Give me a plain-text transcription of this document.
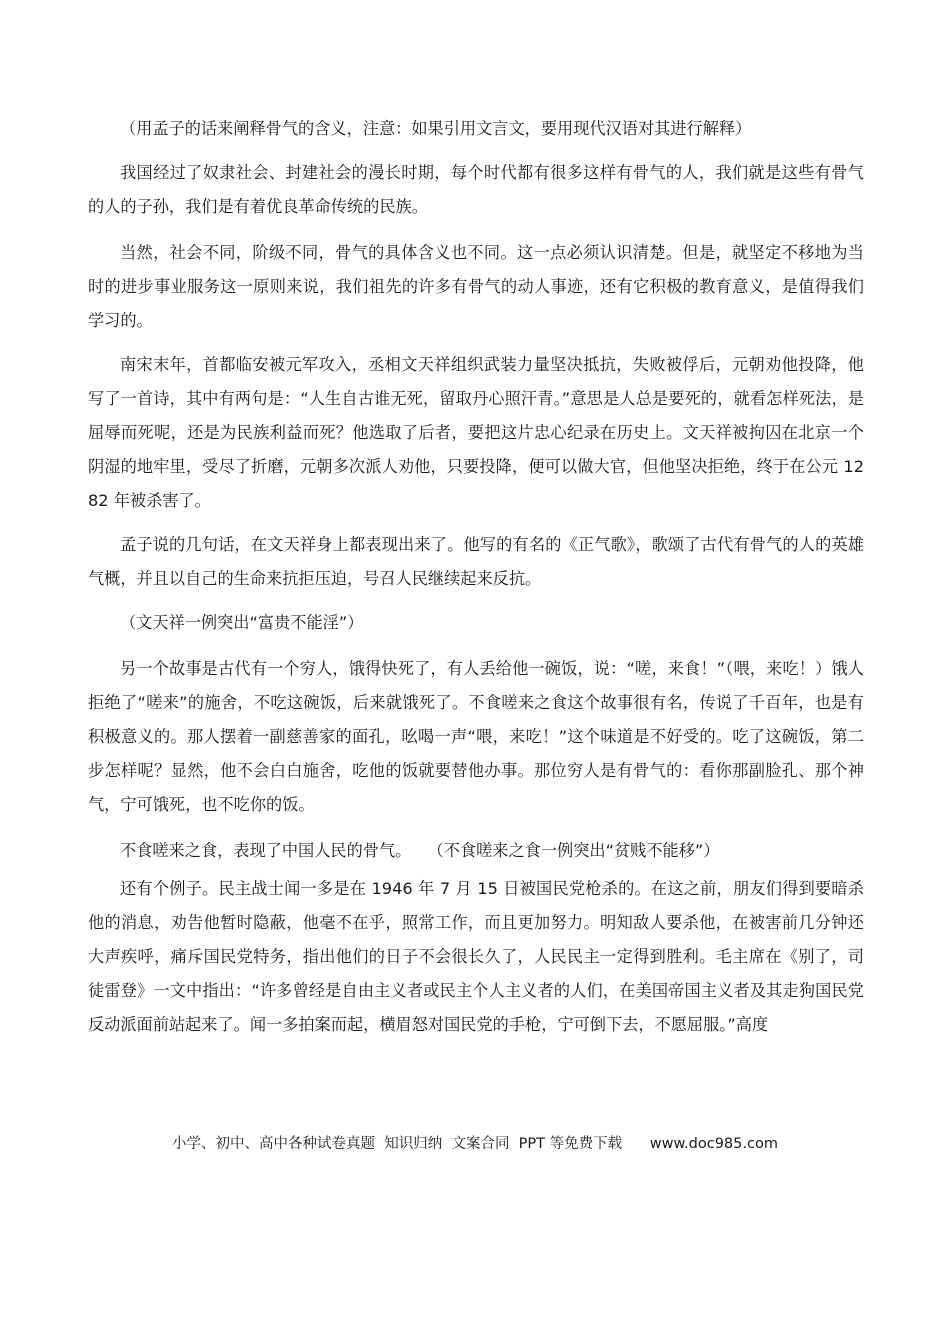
（用孟子的话来阐释骨气的含义，注意：如果引用文言文，要用现代汉语对其进行解释）

我国经过了奴隶社会、封建社会的漫长时期，每个时代都有很多这样有骨气的人，我们就是这些有骨气的人的子孙，我们是有着优良革命传统的民族。

当然，社会不同，阶级不同，骨气的具体含义也不同。这一点必须认识清楚。但是，就坚定不移地为当时的进步事业服务这一原则来说，我们祖先的许多有骨气的动人事迹，还有它积极的教育意义，是值得我们学习的。

南宋末年，首都临安被元军攻入，丞相文天祥组织武装力量坚决抵抗，失败被俘后，元朝劝他投降，他写了一首诗，其中有两句是：“人生自古谁无死，留取丹心照汗青。”意思是人总是要死的，就看怎样死法，是屈辱而死呢，还是为民族利益而死？他选取了后者，要把这片忠心纪录在历史上。文天祥被拘囚在北京一个阴湿的地牢里，受尽了折磨，元朝多次派人劝他，只要投降，便可以做大官，但他坚决拒绝，终于在公元 1282 年被杀害了。

孟子说的几句话，在文天祥身上都表现出来了。他写的有名的《正气歌》，歌颂了古代有骨气的人的英雄气概，并且以自己的生命来抗拒压迫，号召人民继续起来反抗。

（文天祥一例突出“富贵不能淫”）

另一个故事是古代有一个穷人，饿得快死了，有人丢给他一碗饭，说：“嗟，来食！”（喂，来吃！）饿人拒绝了“嗟来”的施舍，不吃这碗饭，后来就饿死了。不食嗟来之食这个故事很有名，传说了千百年，也是有积极意义的。那人摆着一副慈善家的面孔，吆喝一声“喂，来吃！”这个味道是不好受的。吃了这碗饭，第二步怎样呢？显然，他不会白白施舍，吃他的饭就要替他办事。那位穷人是有骨气的：看你那副脸孔、那个神气，宁可饿死，也不吃你的饭。

不食嗟来之食，表现了中国人民的骨气。　　（不食嗟来之食一例突出“贫贱不能移”）

还有个例子。民主战士闻一多是在 1946 年 7 月 15 日被国民党枪杀的。在这之前，朋友们得到要暗杀他的消息，劝告他暂时隐蔽，他毫不在乎，照常工作，而且更加努力。明知敌人要杀他，在被害前几分钟还大声疾呼，痛斥国民党特务，指出他们的日子不会很长久了，人民民主一定得到胜利。毛主席在《别了，司徒雷登》一文中指出：“许多曾经是自由主义者或民主个人主义者的人们，在美国帝国主义者及其走狗国民党反动派面前站起来了。闻一多拍案而起，横眉怒对国民党的手枪，宁可倒下去，不愿屈服。”高度

小学、初中、高中各种试卷真题  知识归纳  文案合同  PPT 等免费下载      www.doc985.com
